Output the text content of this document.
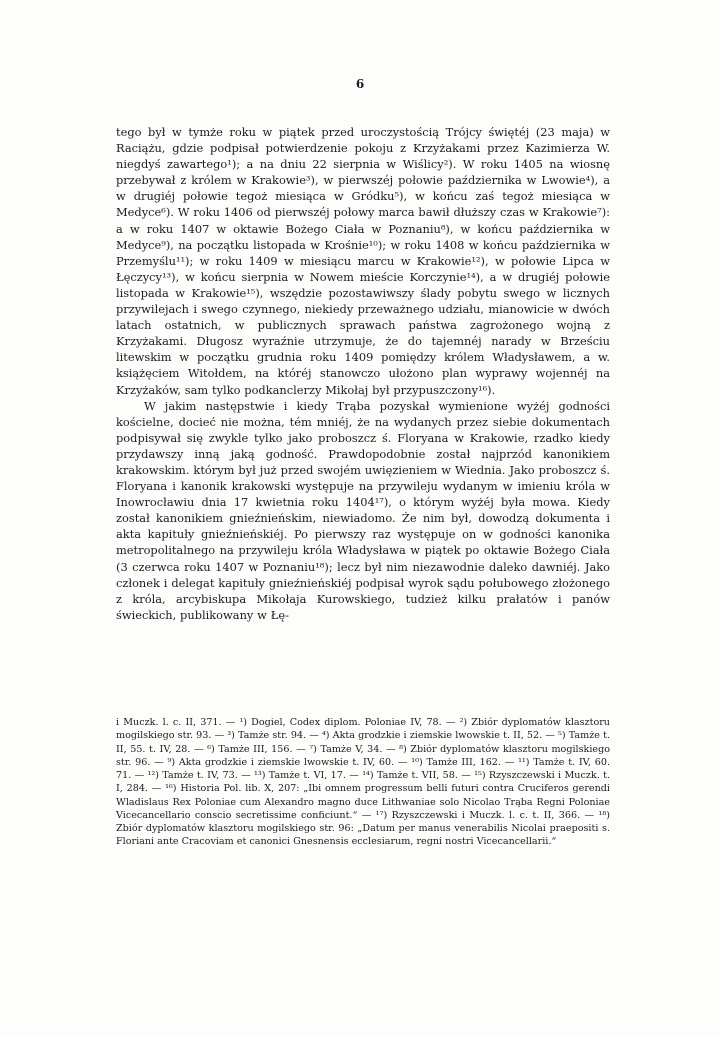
6

tego był w tymże roku w piątek przed uroczystością Trójcy świętéj (23 maja) w Raciążu, gdzie podpisał potwierdzenie pokoju z Krzyżakami przez Kazimierza W. niegdyś zawartego¹); a na dniu 22 sierpnia w Wiślicy²). W roku 1405 na wiosnę przebywał z królem w Krakowie³), w pierwszéj połowie października w Lwowie⁴), a w drugiéj połowie tegoż miesiąca w Gródku⁵), w końcu zaś tegoż miesiąca w Medyce⁶). W roku 1406 od pierwszéj połowy marca bawił dłuższy czas w Krakowie⁷): a w roku 1407 w oktawie Bożego Ciała w Poznaniu⁸), w końcu października w Medyce⁹), na początku listopada w Krośnie¹⁰); w roku 1408 w końcu października w Przemyślu¹¹); w roku 1409 w miesiącu marcu w Krakowie¹²), w połowie Lipca w Łęczycy¹³), w końcu sierpnia w Nowem mieście Korczynie¹⁴), a w drugiéj połowie listopada w Krakowie¹⁵), wszędzie pozostawiwszy ślady pobytu swego w licznych przywilejach i swego czynnego, niekiedy przeważnego udziału, mianowicie w dwóch latach ostatnich, w publicznych sprawach państwa zagrożonego wojną z Krzyżakami. Długosz wyraźnie utrzymuje, że do tajemnéj narady w Brześciu litewskim w początku grudnia roku 1409 pomiędzy królem Władysławem, a w. książęciem Witołdem, na któréj stanowczo ułożono plan wyprawy wojennéj na Krzyżaków, sam tylko podkanclerzy Mikołaj był przypuszczony¹⁶).

W jakim następstwie i kiedy Trąba pozyskał wymienione wyżéj godności kościelne, docieć nie można, tém mniéj, że na wydanych przez siebie dokumentach podpisywał się zwykle tylko jako proboszcz ś. Floryana w Krakowie, rzadko kiedy przydawszy inną jaką godność. Prawdopodobnie został najprzód kanonikiem krakowskim. którym był już przed swojém uwięzieniem w Wiednia. Jako proboszcz ś. Floryana i kanonik krakowski występuje na przywileju wydanym w imieniu króla w Inowrocławiu dnia 17 kwietnia roku 1404¹⁷), o którym wyżéj była mowa. Kiedy został kanonikiem gnieźnieńskim, niewiadomo. Że nim był, dowodzą dokumenta i akta kapituły gnieźnieńskiéj. Po pierwszy raz występuje on w godności kanonika metropolitalnego na przywileju króla Władysława w piątek po oktawie Bożego Ciała (3 czerwca roku 1407 w Poznaniu¹⁸); lecz był nim niezawodnie daleko dawniéj. Jako członek i delegat kapituły gnieźnieńskiéj podpisał wyrok sądu połubowego złożonego z króla, arcybiskupa Mikołaja Kurowskiego, tudzież kilku prałatów i panów świeckich, publikowany w Łę-

i Muczk. l. c. II, 371. — ¹) Dogiel, Codex diplom. Poloniae IV, 78. — ²) Zbiór dyplomatów klasztoru mogilskiego str. 93. — ³) Tamże str. 94. — ⁴) Akta grodzkie i ziemskie lwowskie t. II, 52. — ⁵) Tamże t. II, 55. t. IV, 28. — ⁶) Tamże III, 156. — ⁷) Tamże V, 34. — ⁸) Zbiór dyplomatów klasztoru mogilskiego str. 96. — ⁹) Akta grodzkie i ziemskie lwowskie t. IV, 60. — ¹⁰) Tamże III, 162. — ¹¹) Tamże t. IV, 60. 71. — ¹²) Tamże t. IV, 73. — ¹³) Tamże t. VI, 17. — ¹⁴) Tamże t. VII, 58. — ¹⁵) Rzyszczewski i Muczk. t. I, 284. — ¹⁶) Historia Pol. lib. X, 207: „Ibi omnem progressum belli futuri contra Cruciferos gerendi Wladislaus Rex Poloniae cum Alexandro magno duce Lithwaniae solo Nicolao Trąba Regni Poloniae Vicecancellario conscio secretissime conficiunt.“ — ¹⁷) Rzyszczewski i Muczk. l. c. t. II, 366. — ¹⁸) Zbiór dyplomatów klasztoru mogilskiego str. 96: „Datum per manus venerabilis Nicolai praepositi s. Floriani ante Cracoviam et canonici Gnesnensis ecclesiarum, regni nostri Vicecancellarii.“
